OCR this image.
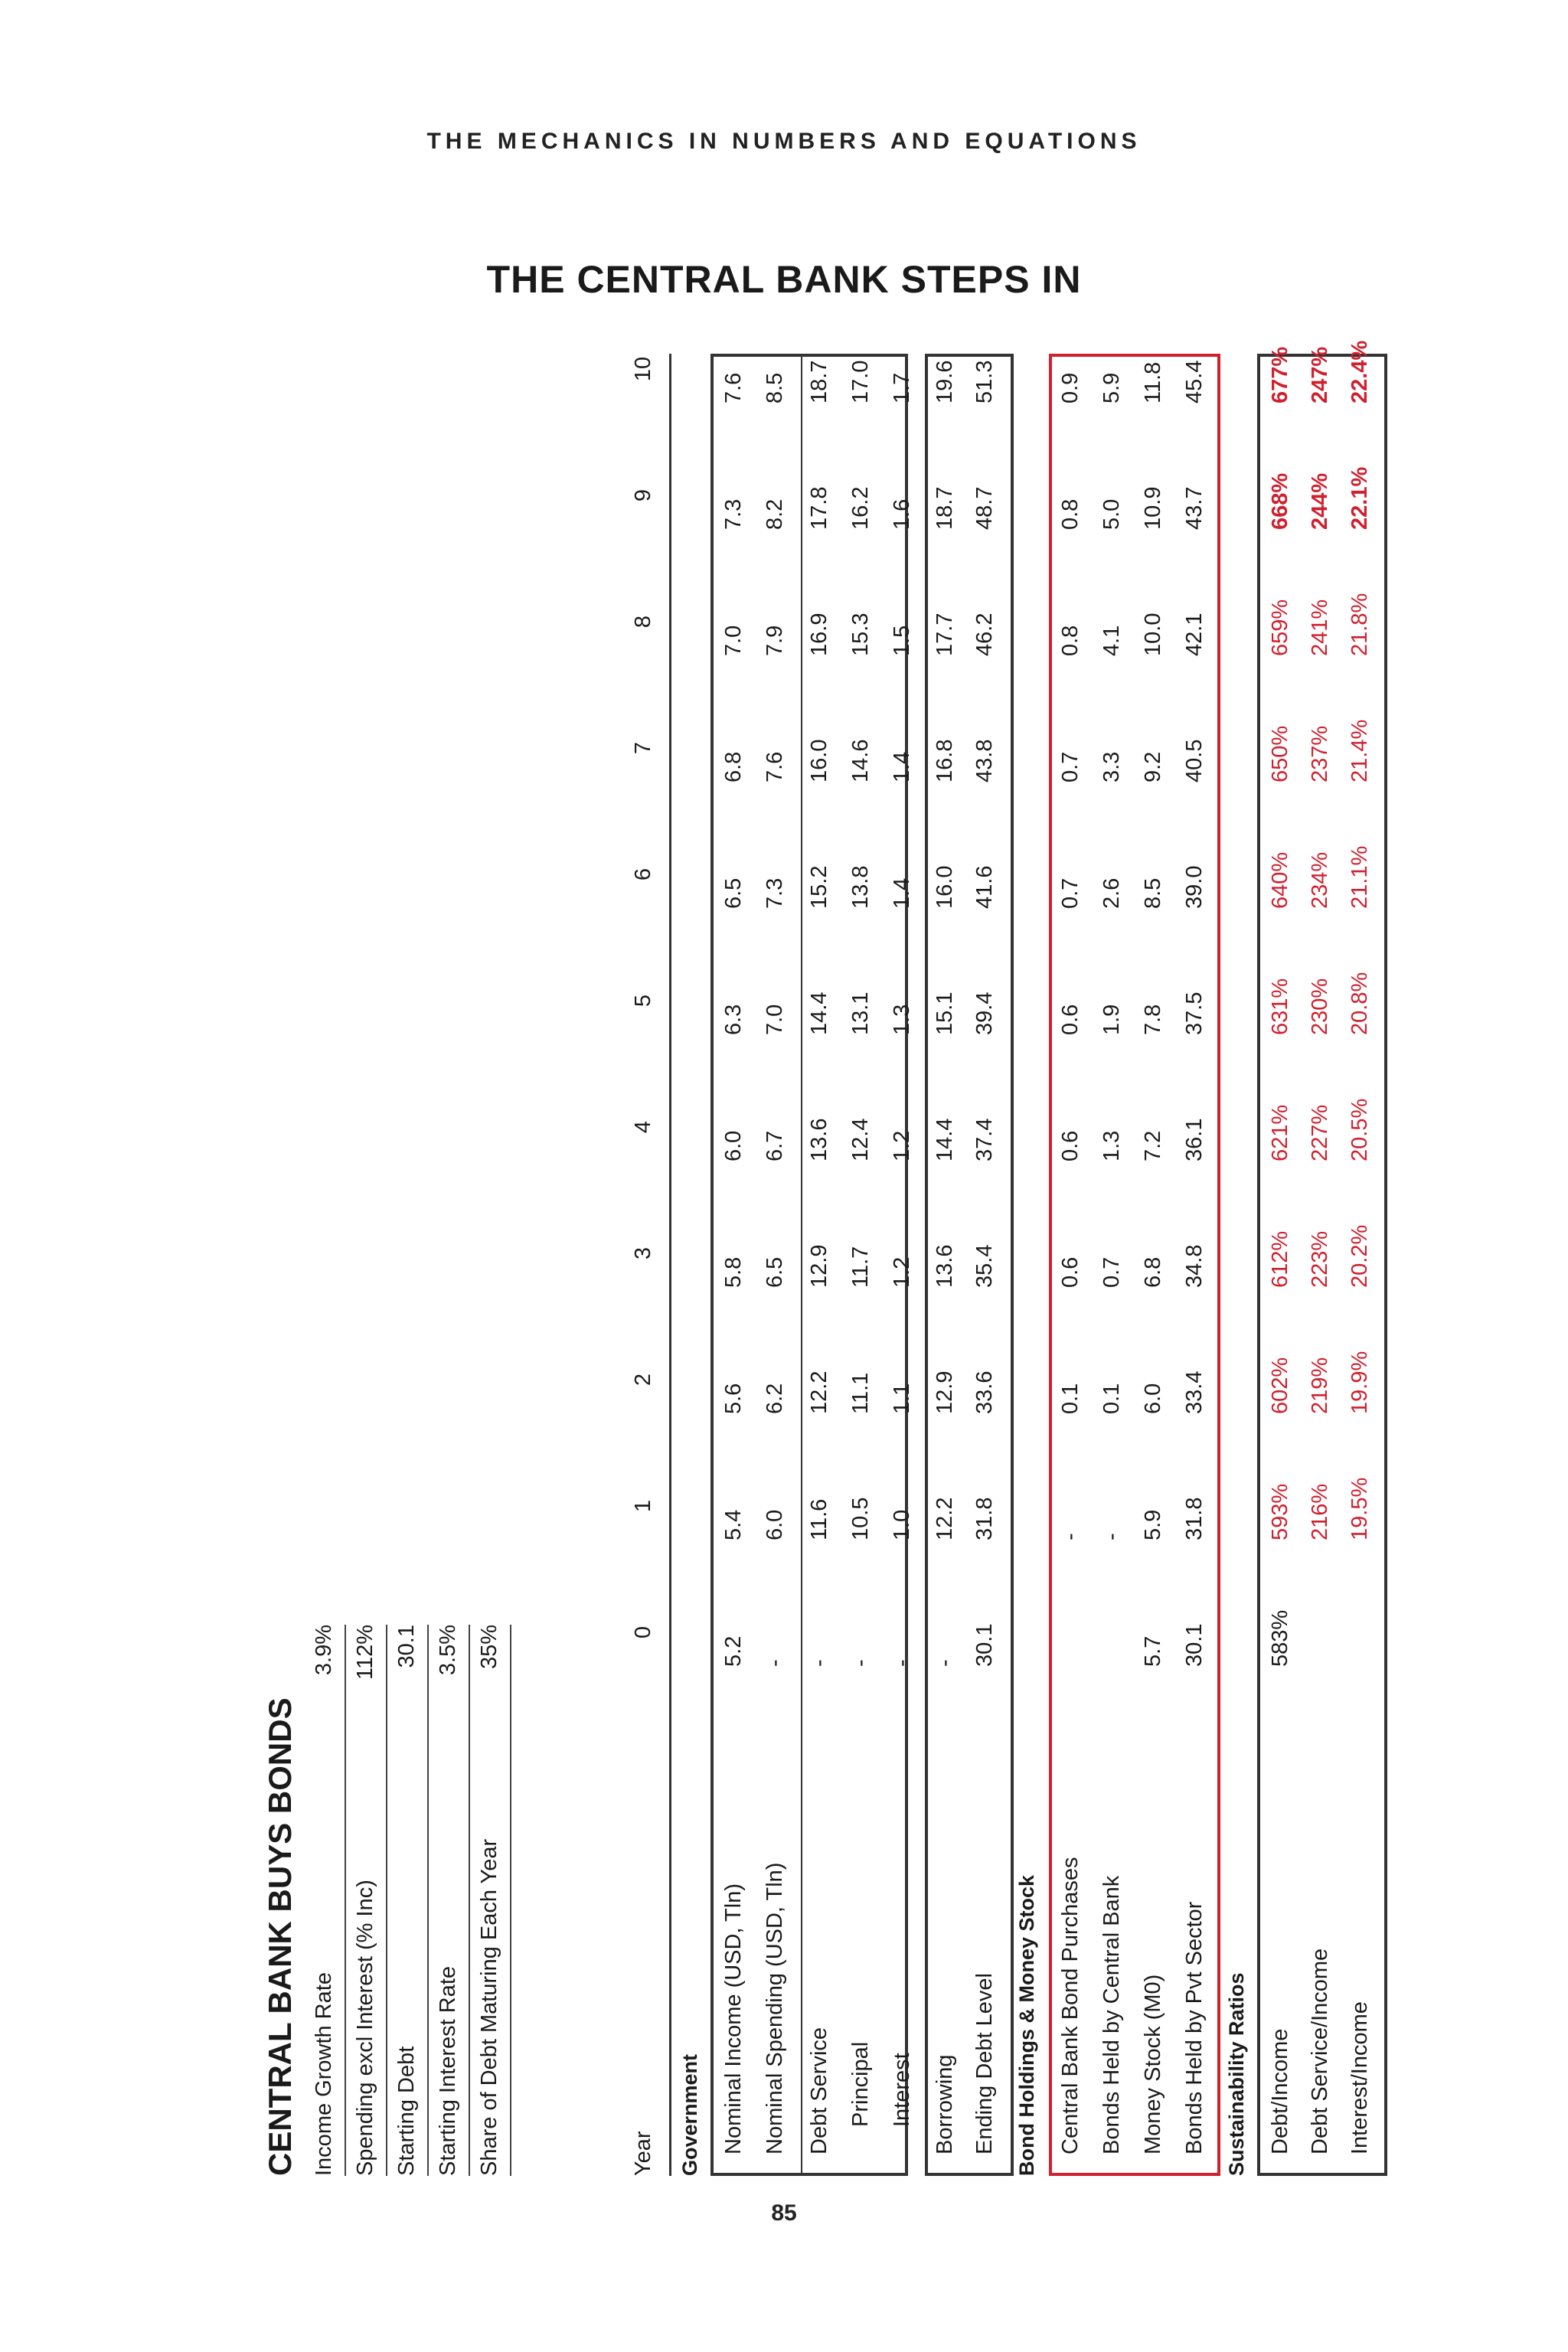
THE MECHANICS IN NUMBERS AND EQUATIONS
THE CENTRAL BANK STEPS IN
CENTRAL BANK BUYS BONDS Income Growth Rate
3.9%
Spending excl Interest (% Inc)
112%
Starting Debt
30.1
Starting Interest Rate
3.5%
Share of Debt Maturing Each Year
35%
Year
0
1
2
3
4
5
6
7
8
9
10
Government Nominal Income (USD, Tln)
5.2
5.4
5.6
5.8
6.0
6.3
6.5
6.8
7.0
7.3
7.6
Nominal Spending (USD, Tln)
-
6.0
6.2
6.5
6.7
7.0
7.3
7.6
7.9
8.2
8.5
Debt Service
-
11.6
12.2
12.9
13.6
14.4
15.2
16.0
16.9
17.8
18.7
Principal
-
10.5
11.1
11.7
12.4
13.1
13.8
14.6
15.3
16.2
17.0
Interest
-
1.0
1.1
1.2
1.2
1.3
1.4
1.4
1.5
1.6
1.7
Borrowing
-
12.2
12.9
13.6
14.4
15.1
16.0
16.8
17.7
18.7
19.6
Ending Debt Level
30.1
31.8
33.6
35.4
37.4
39.4
41.6
43.8
46.2
48.7
51.3
Bond Holdings & Money Stock Central Bank Bond Purchases
-
0.1
0.6
0.6
0.6
0.7
0.7
0.8
0.8
0.9
Bonds Held by Central Bank
-
0.1
0.7
1.3
1.9
2.6
3.3
4.1
5.0
5.9
Money Stock (M0)
5.7
5.9
6.0
6.8
7.2
7.8
8.5
9.2
10.0
10.9
11.8
Bonds Held by Pvt Sector
30.1
31.8
33.4
34.8
36.1
37.5
39.0
40.5
42.1
43.7
45.4
Sustainability Ratios Debt/Income
583%
593%
602%
612%
621%
631%
640%
650%
659%
668%
677%
Debt Service/Income
216%
219%
223%
227%
230%
234%
237%
241%
244%
247%
Interest/Income
19.5%
19.9%
20.2%
20.5%
20.8%
21.1%
21.4%
21.8%
22.1%
22.4%
85
